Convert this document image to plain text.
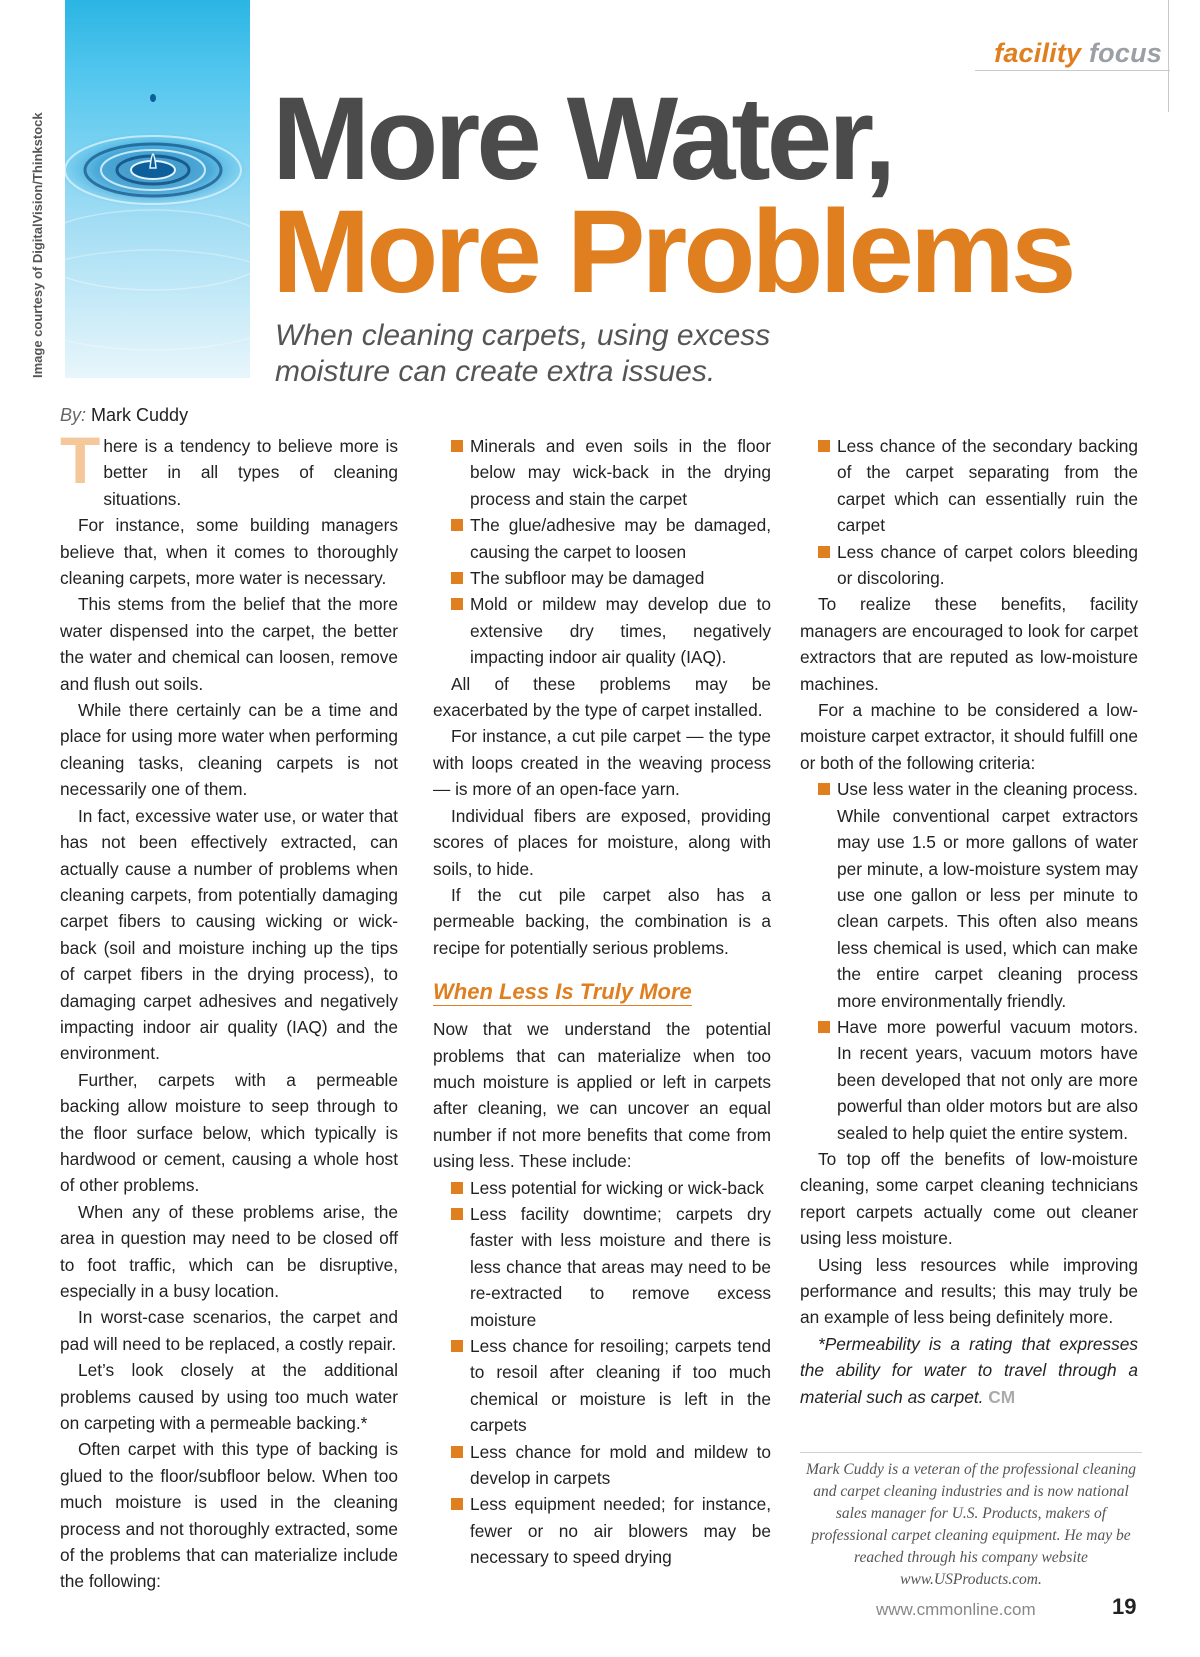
facility focus
Image courtesy of DigitalVision/Thinkstock More Water,
More Problems
When cleaning carpets, using excess moisture can create extra issues.
By: Mark Cuddy

There is a tendency to believe more is better in all types of cleaning situations.

For instance, some building managers believe that, when it comes to thoroughly cleaning carpets, more water is necessary.

This stems from the belief that the more water dispensed into the carpet, the better the water and chemical can loosen, remove and flush out soils.

While there certainly can be a time and place for using more water when performing cleaning tasks, cleaning carpets is not necessarily one of them.

In fact, excessive water use, or water that has not been effectively extracted, can actually cause a number of problems when cleaning carpets, from potentially damaging carpet fibers to causing wicking or wick-back (soil and moisture inching up the tips of carpet fibers in the drying process), to damaging carpet adhesives and negatively impacting indoor air quality (IAQ) and the environment.

Further, carpets with a permeable backing allow moisture to seep through to the floor surface below, which typically is hardwood or cement, causing a whole host of other problems.

When any of these problems arise, the area in question may need to be closed off to foot traffic, which can be disruptive, especially in a busy location.

In worst-case scenarios, the carpet and pad will need to be replaced, a costly repair.

Let’s look closely at the additional problems caused by using too much water on carpeting with a permeable backing.*

Often carpet with this type of backing is glued to the floor/subfloor below. When too much moisture is used in the cleaning process and not thoroughly extracted, some of the problems that can materialize include the following:

Minerals and even soils in the floor below may wick-back in the drying process and stain the carpet
The glue/adhesive may be damaged, causing the carpet to loosen
The subfloor may be damaged
Mold or mildew may develop due to extensive dry times, negatively impacting indoor air quality (IAQ).

All of these problems may be exacerbated by the type of carpet installed.

For instance, a cut pile carpet — the type with loops created in the weaving process — is more of an open-face yarn.

Individual fibers are exposed, providing scores of places for moisture, along with soils, to hide.

If the cut pile carpet also has a permeable backing, the combination is a recipe for potentially serious problems.

When Less Is Truly More

Now that we understand the potential problems that can materialize when too much moisture is applied or left in carpets after cleaning, we can uncover an equal number if not more benefits that come from using less. These include:

Less potential for wicking or wick-back
Less facility downtime; carpets dry faster with less moisture and there is less chance that areas may need to be re-extracted to remove excess moisture
Less chance for resoiling; carpets tend to resoil after cleaning if too much chemical or moisture is left in the carpets
Less chance for mold and mildew to develop in carpets
Less equipment needed; for instance, fewer or no air blowers may be necessary to speed drying
Less chance of the secondary backing of the carpet separating from the carpet which can essentially ruin the carpet
Less chance of carpet colors bleeding or discoloring.

To realize these benefits, facility managers are encouraged to look for carpet extractors that are reputed as low-moisture machines.

For a machine to be considered a low-moisture carpet extractor, it should fulfill one or both of the following criteria:

Use less water in the cleaning process. While conventional carpet extractors may use 1.5 or more gallons of water per minute, a low-moisture system may use one gallon or less per minute to clean carpets. This often also means less chemical is used, which can make the entire carpet cleaning process more environmentally friendly.
Have more powerful vacuum motors. In recent years, vacuum motors have been developed that not only are more powerful than older motors but are also sealed to help quiet the entire system.

To top off the benefits of low-moisture cleaning, some carpet cleaning technicians report carpets actually come out cleaner using less moisture.

Using less resources while improving performance and results; this may truly be an example of less being definitely more.

*Permeability is a rating that expresses the ability for water to travel through a material such as carpet. CM

Mark Cuddy is a veteran of the professional cleaning and carpet cleaning industries and is now national sales manager for U.S. Products, makers of professional carpet cleaning equipment. He may be reached through his company website www.USProducts.com.
www.cmmonline.com	19
